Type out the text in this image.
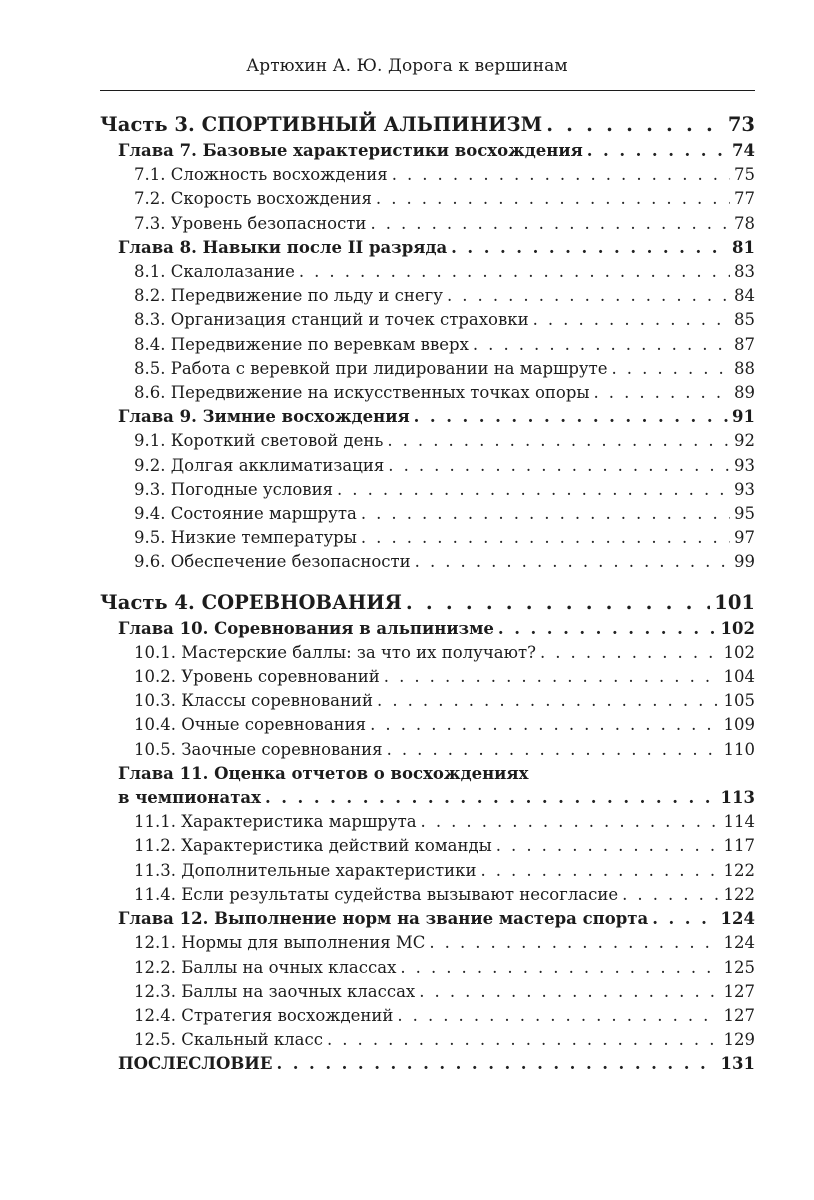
Артюхин А. Ю. Дорога к вершинам
Часть 3. СПОРТИВНЫЙ АЛЬПИНИЗМ . . .	73
Глава 7. Базовые характеристики восхождения . . .	74
7.1. Сложность восхождения . . .	75
7.2. Скорость восхождения . . .	77
7.3. Уровень безопасности . . .	78
Глава 8. Навыки после II разряда . . .	81
8.1. Скалолазание . . .	83
8.2. Передвижение по льду и снегу . . .	84
8.3. Организация станций и точек страховки . . .	85
8.4. Передвижение по веревкам вверх . . .	87
8.5. Работа с веревкой при лидировании на маршруте . . .	88
8.6. Передвижение на искусственных точках опоры . . .	89
Глава 9. Зимние восхождения . . .	91
9.1. Короткий световой день . . .	92
9.2. Долгая акклиматизация . . .	93
9.3. Погодные условия . . .	93
9.4. Состояние маршрута . . .	95
9.5. Низкие температуры . . .	97
9.6. Обеспечение безопасности . . .	99
Часть 4. СОРЕВНОВАНИЯ . . .	101
Глава 10. Соревнования в альпинизме . . .	102
10.1. Мастерские баллы: за что их получают? . . .	102
10.2. Уровень соревнований . . .	104
10.3. Классы соревнований . . .	105
10.4. Очные соревнования . . .	109
10.5. Заочные соревнования . . .	110
Глава 11. Оценка отчетов о восхождениях
в чемпионатах . . .	113
11.1. Характеристика маршрута . . .	114
11.2. Характеристика действий команды . . .	117
11.3. Дополнительные характеристики . . .	122
11.4. Если результаты судейства вызывают несогласие . . .	122
Глава 12. Выполнение норм на звание мастера спорта . . .	124
12.1. Нормы для выполнения МС . . .	124
12.2. Баллы на очных классах . . .	125
12.3. Баллы на заочных классах . . .	127
12.4. Стратегия восхождений . . .	127
12.5. Скальный класс . . .	129
ПОСЛЕСЛОВИЕ . . .	131
